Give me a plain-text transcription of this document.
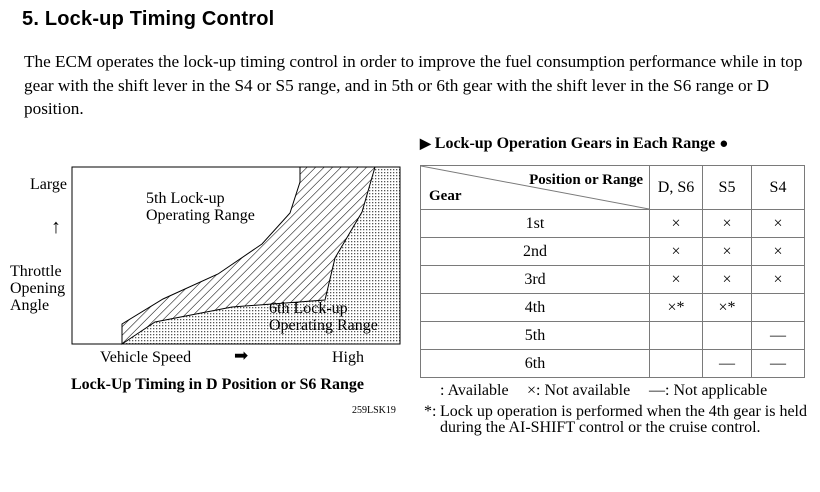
5. Lock-up Timing Control
The ECM operates the lock-up timing control in order to improve the fuel consumption performance while in top gear with the shift lever in the S4 or S5 range, and in 5th or 6th gear with the shift lever in the S6 range or D position.
Large
↑
Throttle
Opening
Angle
5th Lock-up
Operating Range
6th Lock-up
Operating Range
Vehicle Speed	➡	High
Lock-Up Timing in D Position or S6 Range
259LSK19
▶ Lock-up Operation Gears in Each Range ●
Position or Range
Gear	D, S6	S5	S4
1st	×	×	×
2nd	×	×	×
3rd	×	×	×
4th	×*	×*	
5th			—
6th		—	—
: Available ×: Not available —: Not applicable
*: Lock up operation is performed when the 4th gear is held during the AI-SHIFT control or the cruise control.
